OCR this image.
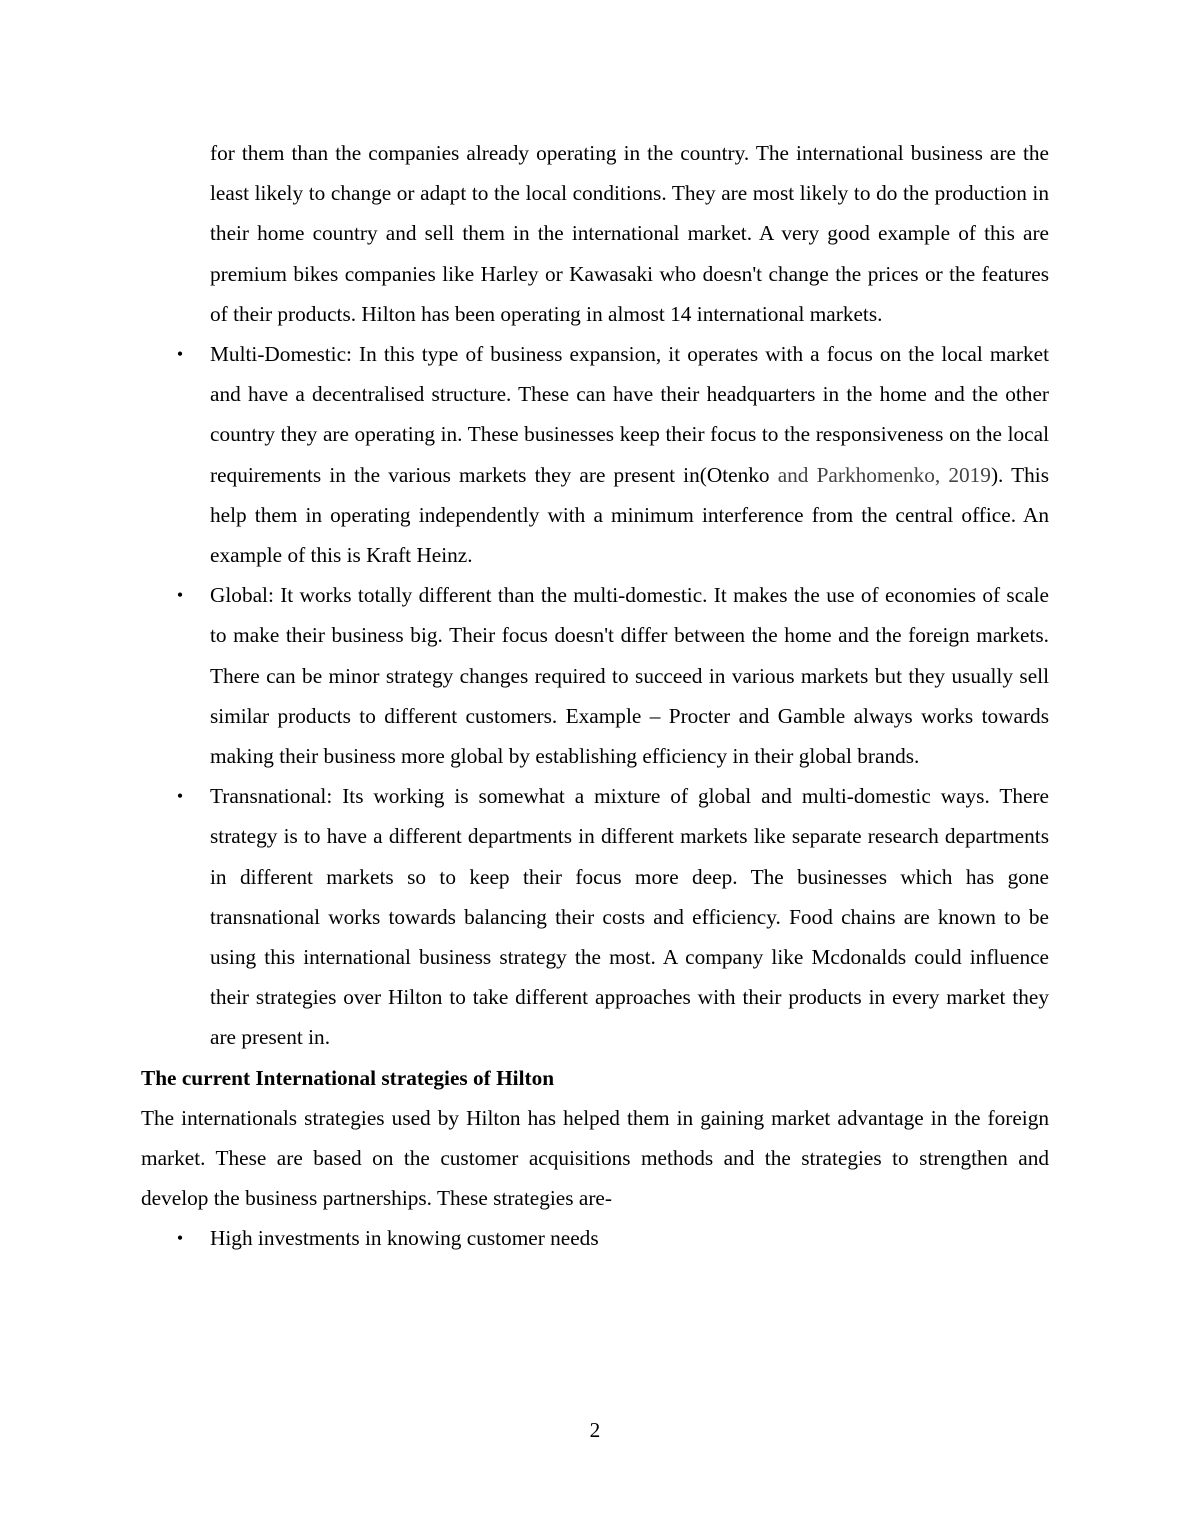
for them than the companies already operating in the country. The international business are the least likely to change or adapt to the local conditions. They are most likely to do the production in their home country and sell them in the international market. A very good example of this are premium bikes companies like Harley or Kawasaki who doesn't change the prices or the features of their products. Hilton has been operating in almost 14 international markets.

• Multi-Domestic: In this type of business expansion, it operates with a focus on the local market and have a decentralised structure. These can have their headquarters in the home and the other country they are operating in. These businesses keep their focus to the responsiveness on the local requirements in the various markets they are present in(Otenko and Parkhomenko, 2019). This help them in operating independently with a minimum interference from the central office. An example of this is Kraft Heinz.
• Global: It works totally different than the multi-domestic. It makes the use of economies of scale to make their business big. Their focus doesn't differ between the home and the foreign markets. There can be minor strategy changes required to succeed in various markets but they usually sell similar products to different customers. Example – Procter and Gamble always works towards making their business more global by establishing efficiency in their global brands.
• Transnational: Its working is somewhat a mixture of global and multi-domestic ways. There strategy is to have a different departments in different markets like separate research departments in different markets so to keep their focus more deep. The businesses which has gone transnational works towards balancing their costs and efficiency. Food chains are known to be using this international business strategy the most. A company like Mcdonalds could influence their strategies over Hilton to take different approaches with their products in every market they are present in.

The current International strategies of Hilton

The internationals strategies used by Hilton has helped them in gaining market advantage in the foreign market. These are based on the customer acquisitions methods and the strategies to strengthen and develop the business partnerships. These strategies are-

• High investments in knowing customer needs
2
